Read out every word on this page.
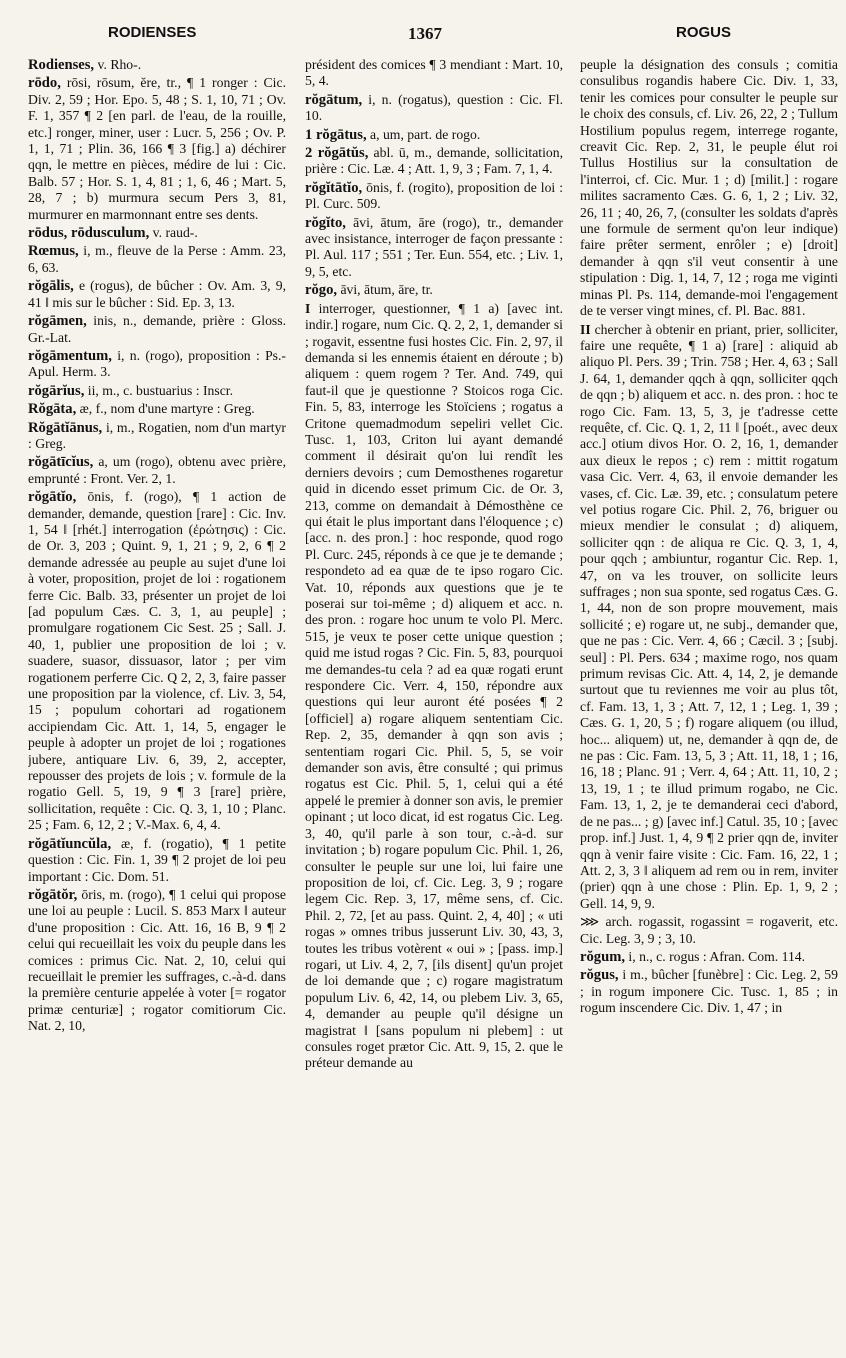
RODIENSES	1367	ROGUS

Rodienses, v. Rho-.

rōdo, rōsi, rōsum, ĕre, tr., ¶ 1 ronger : Cic. Div. 2, 59 ; Hor. Epo. 5, 48 ; S. 1, 10, 71 ; Ov. F. 1, 357 ¶ 2 [en parl. de l'eau, de la rouille, etc.] ronger, miner, user : Lucr. 5, 256 ; Ov. P. 1, 1, 71 ; Plin. 36, 166 ¶ 3 [fig.] a) déchirer qqn, le mettre en pièces, médire de lui : Cic. Balb. 57 ; Hor. S. 1, 4, 81 ; 1, 6, 46 ; Mart. 5, 28, 7 ; b) murmura secum Pers 3, 81, murmurer en marmonnant entre ses dents.

rōdus, rōdusculum, v. raud-.

Rœmus, i, m., fleuve de la Perse : Amm. 23, 6, 63.

rŏgālis, e (rogus), de bûcher : Ov. Am. 3, 9, 41 ‖ mis sur le bûcher : Sid. Ep. 3, 13.

rŏgāmen, inis, n., demande, prière : Gloss. Gr.-Lat.

rŏgāmentum, i, n. (rogo), proposition : Ps.-Apul. Herm. 3.

rŏgārĭus, ii, m., c. bustuarius : Inscr.

Rŏgāta, æ, f., nom d'une martyre : Greg.

Rŏgātĭānus, i, m., Rogatien, nom d'un martyr : Greg.

rŏgātīcĭus, a, um (rogo), obtenu avec prière, emprunté : Front. Ver. 2, 1.

rŏgātĭo, ōnis, f. (rogo), ¶ 1 action de demander, demande, question [rare] : Cic. Inv. 1, 54 ‖ [rhét.] interrogation (ἐρώτησις) : Cic. de Or. 3, 203 ; Quint. 9, 1, 21 ; 9, 2, 6 ¶ 2 demande adressée au peuple au sujet d'une loi à voter, proposition, projet de loi : rogationem ferre Cic. Balb. 33, présenter un projet de loi [ad populum Cæs. C. 3, 1, au peuple] ; promulgare rogationem Cic Sest. 25 ; Sall. J. 40, 1, publier une proposition de loi ; v. suadere, suasor, dissuasor, lator ; per vim rogationem perferre Cic. Q 2, 2, 3, faire passer une proposition par la violence, cf. Liv. 3, 54, 15 ; populum cohortari ad rogationem accipiendam Cic. Att. 1, 14, 5, engager le peuple à adopter un projet de loi ; rogationes jubere, antiquare Liv. 6, 39, 2, accepter, repousser des projets de lois ; v. formule de la rogatio Gell. 5, 19, 9 ¶ 3 [rare] prière, sollicitation, requête : Cic. Q. 3, 1, 10 ; Planc. 25 ; Fam. 6, 12, 2 ; V.-Max. 6, 4, 4.

rŏgātĭuncŭla, æ, f. (rogatio), ¶ 1 petite question : Cic. Fin. 1, 39 ¶ 2 projet de loi peu important : Cic. Dom. 51.

rŏgātŏr, ōris, m. (rogo), ¶ 1 celui qui propose une loi au peuple : Lucil. S. 853 Marx ‖ auteur d'une proposition : Cic. Att. 16, 16 B, 9 ¶ 2 celui qui recueillait les voix du peuple dans les comices : primus Cic. Nat. 2, 10, celui qui recueillait le premier les suffrages, c.-à-d. dans la première centurie appelée à voter [= rogator primæ centuriæ] ; rogator comitiorum Cic. Nat. 2, 10,

président des comices ¶ 3 mendiant : Mart. 10, 5, 4.

rŏgātum, i, n. (rogatus), question : Cic. Fl. 10.

1 rŏgātus, a, um, part. de rogo.

2 rŏgātŭs, abl. ū, m., demande, sollicitation, prière : Cic. Læ. 4 ; Att. 1, 9, 3 ; Fam. 7, 1, 4.

rŏgĭtātĭo, ōnis, f. (rogito), proposition de loi : Pl. Curc. 509.

rŏgĭto, āvi, ātum, āre (rogo), tr., demander avec insistance, interroger de façon pressante : Pl. Aul. 117 ; 551 ; Ter. Eun. 554, etc. ; Liv. 1, 9, 5, etc.

rŏgo, āvi, ātum, āre, tr.

I interroger, questionner, ¶ 1 a) [avec int. indir.] rogare, num Cic. Q. 2, 2, 1, demander si ; rogavit, essentne fusi hostes Cic. Fin. 2, 97, il demanda si les ennemis étaient en déroute ; b) aliquem : quem rogem ? Ter. And. 749, qui faut-il que je questionne ? Stoicos roga Cic. Fin. 5, 83, interroge les Stoïciens ; rogatus a Critone quemadmodum sepeliri vellet Cic. Tusc. 1, 103, Criton lui ayant demandé comment il désirait qu'on lui rendît les derniers devoirs ; cum Demosthenes rogaretur quid in dicendo esset primum Cic. de Or. 3, 213, comme on demandait à Démosthène ce qui était le plus important dans l'éloquence ; c) [acc. n. des pron.] : hoc responde, quod rogo Pl. Curc. 245, réponds à ce que je te demande ; respondeto ad ea quæ de te ipso rogaro Cic. Vat. 10, réponds aux questions que je te poserai sur toi-même ; d) aliquem et acc. n. des pron. : rogare hoc unum te volo Pl. Merc. 515, je veux te poser cette unique question ; quid me istud rogas ? Cic. Fin. 5, 83, pourquoi me demandes-tu cela ? ad ea quæ rogati erunt respondere Cic. Verr. 4, 150, répondre aux questions qui leur auront été posées ¶ 2 [officiel] a) rogare aliquem sententiam Cic. Rep. 2, 35, demander à qqn son avis ; sententiam rogari Cic. Phil. 5, 5, se voir demander son avis, être consulté ; qui primus rogatus est Cic. Phil. 5, 1, celui qui a été appelé le premier à donner son avis, le premier opinant ; ut loco dicat, id est rogatus Cic. Leg. 3, 40, qu'il parle à son tour, c.-à-d. sur invitation ; b) rogare populum Cic. Phil. 1, 26, consulter le peuple sur une loi, lui faire une proposition de loi, cf. Cic. Leg. 3, 9 ; rogare legem Cic. Rep. 3, 17, même sens, cf. Cic. Phil. 2, 72, [et au pass. Quint. 2, 4, 40] ; « uti rogas » omnes tribus jusserunt Liv. 30, 43, 3, toutes les tribus votèrent « oui » ; [pass. imp.] rogari, ut Liv. 4, 2, 7, [ils disent] qu'un projet de loi demande que ; c) rogare magistratum populum Liv. 6, 42, 14, ou plebem Liv. 3, 65, 4, demander au peuple qu'il désigne un magistrat ‖ [sans populum ni plebem] : ut consules roget prætor Cic. Att. 9, 15, 2. que le préteur demande au

peuple la désignation des consuls ; comitia consulibus rogandis habere Cic. Div. 1, 33, tenir les comices pour consulter le peuple sur le choix des consuls, cf. Liv. 26, 22, 2 ; Tullum Hostilium populus regem, interrege rogante, creavit Cic. Rep. 2, 31, le peuple élut roi Tullus Hostilius sur la consultation de l'interroi, cf. Cic. Mur. 1 ; d) [milit.] : rogare milites sacramento Cæs. G. 6, 1, 2 ; Liv. 32, 26, 11 ; 40, 26, 7, (consulter les soldats d'après une formule de serment qu'on leur indique) faire prêter serment, enrôler ; e) [droit] demander à qqn s'il veut consentir à une stipulation : Dig. 1, 14, 7, 12 ; roga me viginti minas Pl. Ps. 114, demande-moi l'engagement de te verser vingt mines, cf. Pl. Bac. 881.

II chercher à obtenir en priant, prier, solliciter, faire une requête, ¶ 1 a) [rare] : aliquid ab aliquo Pl. Pers. 39 ; Trin. 758 ; Her. 4, 63 ; Sall J. 64, 1, demander qqch à qqn, solliciter qqch de qqn ; b) aliquem et acc. n. des pron. : hoc te rogo Cic. Fam. 13, 5, 3, je t'adresse cette requête, cf. Cic. Q. 1, 2, 11 ‖ [poét., avec deux acc.] otium divos Hor. O. 2, 16, 1, demander aux dieux le repos ; c) rem : mittit rogatum vasa Cic. Verr. 4, 63, il envoie demander les vases, cf. Cic. Læ. 39, etc. ; consulatum petere vel potius rogare Cic. Phil. 2, 76, briguer ou mieux mendier le consulat ; d) aliquem, solliciter qqn : de aliqua re Cic. Q. 3, 1, 4, pour qqch ; ambiuntur, rogantur Cic. Rep. 1, 47, on va les trouver, on sollicite leurs suffrages ; non sua sponte, sed rogatus Cæs. G. 1, 44, non de son propre mouvement, mais sollicité ; e) rogare ut, ne subj., demander que, que ne pas : Cic. Verr. 4, 66 ; Cæcil. 3 ; [subj. seul] : Pl. Pers. 634 ; maxime rogo, nos quam primum revisas Cic. Att. 4, 14, 2, je demande surtout que tu reviennes me voir au plus tôt, cf. Fam. 13, 1, 3 ; Att. 7, 12, 1 ; Leg. 1, 39 ; Cæs. G. 1, 20, 5 ; f) rogare aliquem (ou illud, hoc... aliquem) ut, ne, demander à qqn de, de ne pas : Cic. Fam. 13, 5, 3 ; Att. 11, 18, 1 ; 16, 16, 18 ; Planc. 91 ; Verr. 4, 64 ; Att. 11, 10, 2 ; 13, 19, 1 ; te illud primum rogabo, ne Cic. Fam. 13, 1, 2, je te demanderai ceci d'abord, de ne pas... ; g) [avec inf.] Catul. 35, 10 ; [avec prop. inf.] Just. 1, 4, 9 ¶ 2 prier qqn de, inviter qqn à venir faire visite : Cic. Fam. 16, 22, 1 ; Att. 2, 3, 3 ‖ aliquem ad rem ou in rem, inviter (prier) qqn à une chose : Plin. Ep. 1, 9, 2 ; Gell. 14, 9, 9.

⋙ arch. rogassit, rogassint = rogaverit, etc. Cic. Leg. 3, 9 ; 3, 10.

rŏgum, i, n., c. rogus : Afran. Com. 114.

rŏgus, i m., bûcher [funèbre] : Cic. Leg. 2, 59 ; in rogum imponere Cic. Tusc. 1, 85 ; in rogum inscendere Cic. Div. 1, 47 ; in
